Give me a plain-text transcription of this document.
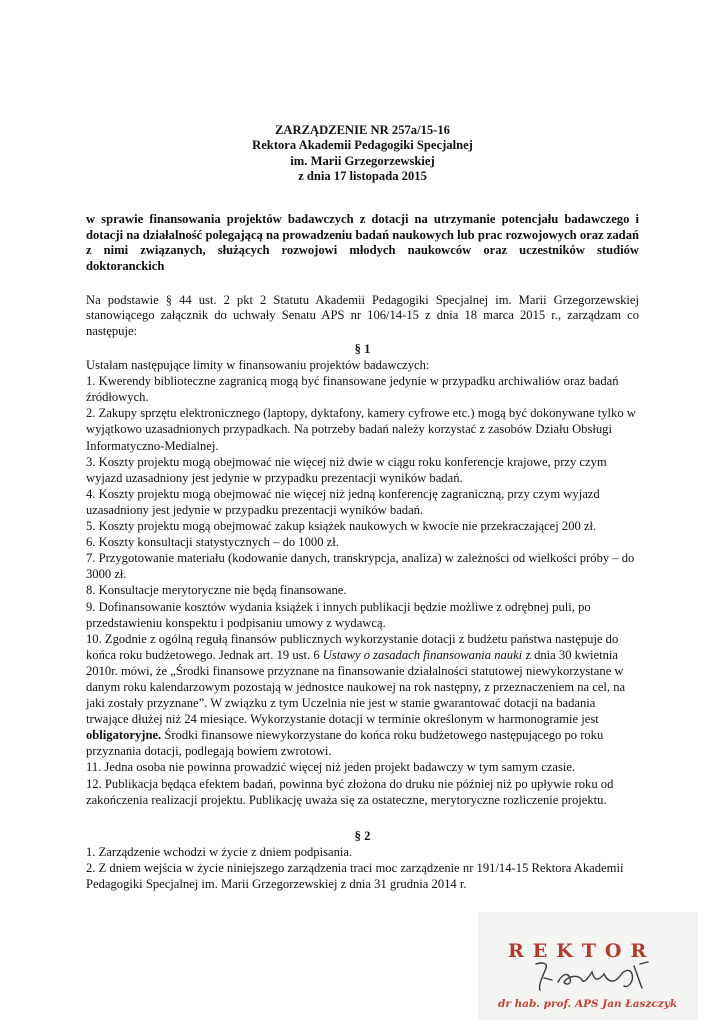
ZARZĄDZENIE NR 257a/15-16
Rektora Akademii Pedagogiki Specjalnej
im. Marii Grzegorzewskiej
z dnia 17 listopada 2015
w sprawie finansowania projektów badawczych z dotacji na utrzymanie potencjału badawczego i dotacji na działalność polegającą na prowadzeniu badań naukowych lub prac rozwojowych oraz zadań z nimi związanych, służących rozwojowi młodych naukowców oraz uczestników studiów doktoranckich
Na podstawie § 44 ust. 2 pkt 2 Statutu Akademii Pedagogiki Specjalnej im. Marii Grzegorzewskiej stanowiącego załącznik do uchwały Senatu APS nr 106/14-15 z dnia 18 marca 2015 r., zarządzam co następuje:
§ 1
Ustalam następujące limity w finansowaniu projektów badawczych:
1. Kwerendy biblioteczne zagranicą mogą być finansowane jedynie w przypadku archiwaliów oraz badań źródłowych.
2. Zakupy sprzętu elektronicznego (laptopy, dyktafony, kamery cyfrowe etc.) mogą być dokonywane tylko w wyjątkowo uzasadnionych przypadkach. Na potrzeby badań należy korzystać z zasobów Działu Obsługi Informatyczno-Medialnej.
3. Koszty projektu mogą obejmować nie więcej niż dwie w ciągu roku konferencje krajowe, przy czym wyjazd uzasadniony jest jedynie w przypadku prezentacji wyników badań.
4. Koszty projektu mogą obejmować nie więcej niż jedną konferencję zagraniczną, przy czym wyjazd uzasadniony jest jedynie w przypadku prezentacji wyników badań.
5. Koszty projektu mogą obejmować zakup książek naukowych w kwocie nie przekraczającej 200 zł.
6. Koszty konsultacji statystycznych – do 1000 zł.
7. Przygotowanie materiału (kodowanie danych, transkrypcja, analiza) w zależności od wielkości próby – do 3000 zł.
8. Konsultacje merytoryczne nie będą finansowane.
9. Dofinansowanie kosztów wydania książek i innych publikacji będzie możliwe z odrębnej puli, po przedstawieniu konspektu i podpisaniu umowy z wydawcą.
10. Zgodnie z ogólną regułą finansów publicznych wykorzystanie dotacji z budżetu państwa następuje do końca roku budżetowego. Jednak art. 19 ust. 6 Ustawy o zasadach finansowania nauki z dnia 30 kwietnia 2010r. mówi, że „Środki finansowe przyznane na finansowanie działalności statutowej niewykorzystane w danym roku kalendarzowym pozostają w jednostce naukowej na rok następny, z przeznaczeniem na cel, na jaki zostały przyznane”. W związku z tym Uczelnia nie jest w stanie gwarantować dotacji na badania trwające dłużej niż 24 miesiące. Wykorzystanie dotacji w terminie określonym w harmonogramie jest obligatoryjne. Środki finansowe niewykorzystane do końca roku budżetowego następującego po roku przyznania dotacji, podlegają bowiem zwrotowi.
11. Jedna osoba nie powinna prowadzić więcej niż jeden projekt badawczy w tym samym czasie.
12. Publikacja będąca efektem badań, powinna być złożona do druku nie później niż po upływie roku od zakończenia realizacji projektu. Publikację uważa się za ostateczne, merytoryczne rozliczenie projektu.
§ 2
1. Zarządzenie wchodzi w życie z dniem podpisania.
2. Z dniem wejścia w życie niniejszego zarządzenia traci moc zarządzenie nr 191/14-15 Rektora Akademii Pedagogiki Specjalnej im. Marii Grzegorzewskiej z dnia 31 grudnia 2014 r.
REKTOR
dr hab. prof. APS Jan Łaszczyk
